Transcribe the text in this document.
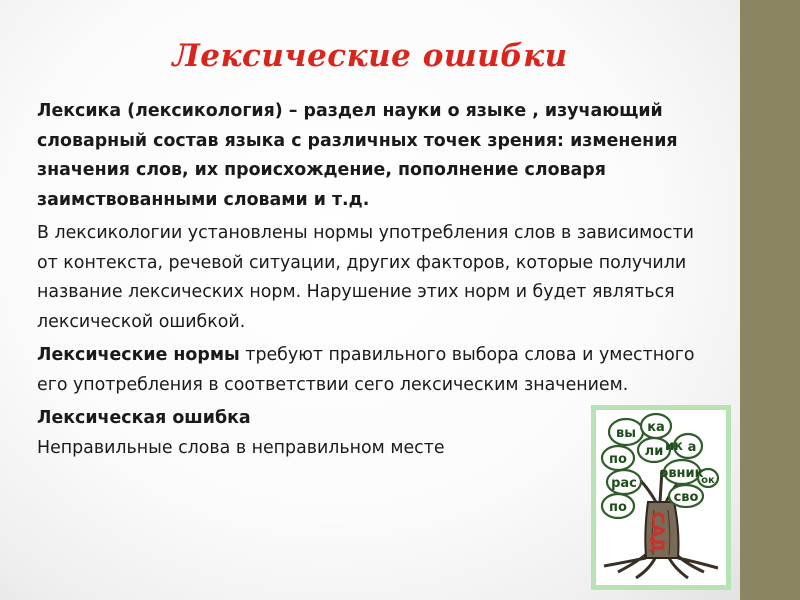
Лексические ошибки

Лексика (лексикология) – раздел науки о языке , изучающий словарный состав языка с различных точек зрения: изменения значения слов, их происхождение, пополнение словаря заимствованными словами и т.д.

В лексикологии установлены нормы употребления слов в зависимости от контекста, речевой ситуации, других факторов, которые получили название лексических норм. Нарушение этих норм и будет являться лексической ошибкой.

Лексические нормы требуют правильного выбора слова и уместного его употребления в соответствии сего лексическим значением.

Лексическая ошибка

Неправильные слова в неправильном месте

вы ка
по
ли ик а
рас
ов ник
по
сво
ок
САД
